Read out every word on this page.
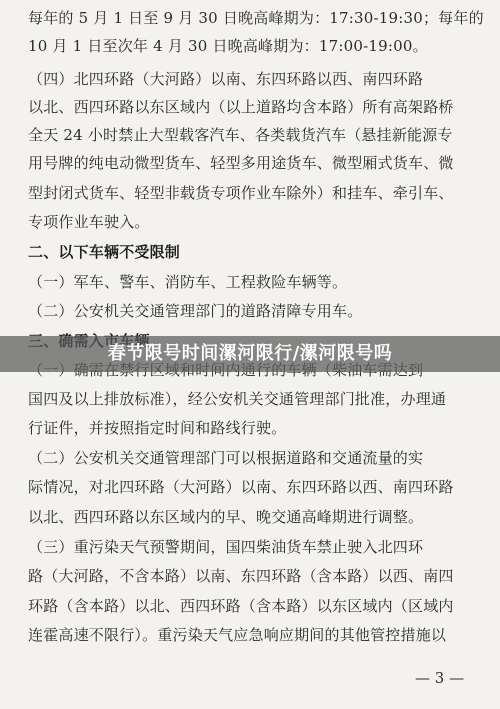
每年的 5 月 1 日至 9 月 30 日晚高峰期为：17:30-19:30；每年的
10 月 1 日至次年 4 月 30 日晚高峰期为：17:00-19:00。
（四）北四环路（大河路）以南、东四环路以西、南四环路
以北、西四环路以东区域内（以上道路均含本路）所有高架路桥
全天 24 小时禁止大型载客汽车、各类载货汽车（悬挂新能源专
用号牌的纯电动微型货车、轻型多用途货车、微型厢式货车、微
型封闭式货车、轻型非载货专项作业车除外）和挂车、牵引车、
专项作业车驶入。
二、以下车辆不受限制
（一）军车、警车、消防车、工程救险车辆等。
（二）公安机关交通管理部门的道路清障专用车。
国四及以上排放标准），经公安机关交通管理部门批准，办理通
行证件，并按照指定时间和路线行驶。
（二）公安机关交通管理部门可以根据道路和交通流量的实
际情况，对北四环路（大河路）以南、东四环路以西、南四环路
以北、西四环路以东区域内的早、晚交通高峰期进行调整。
（三）重污染天气预警期间，国四柴油货车禁止驶入北四环
路（大河路，不含本路）以南、东四环路（含本路）以西、南四
环路（含本路）以北、西四环路（含本路）以东区域内（区域内
连霍高速不限行）。重污染天气应急响应期间的其他管控措施以
春节限号时间漯河限行/漯河限号吗
— 3 —
